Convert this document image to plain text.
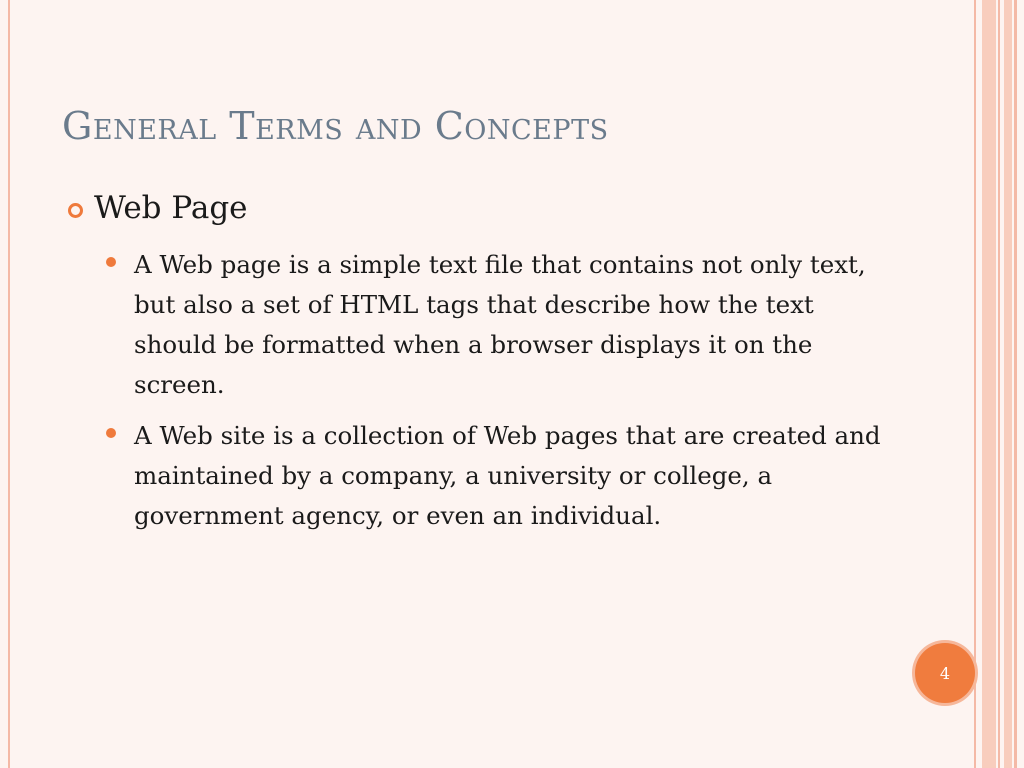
General Terms and Concepts
Web Page
A Web page is a simple text file that contains not only text, but also a set of HTML tags that describe how the text should be formatted when a browser displays it on the screen.
A Web site is a collection of Web pages that are created and maintained by a company, a university or college, a government agency, or even an individual.
4
